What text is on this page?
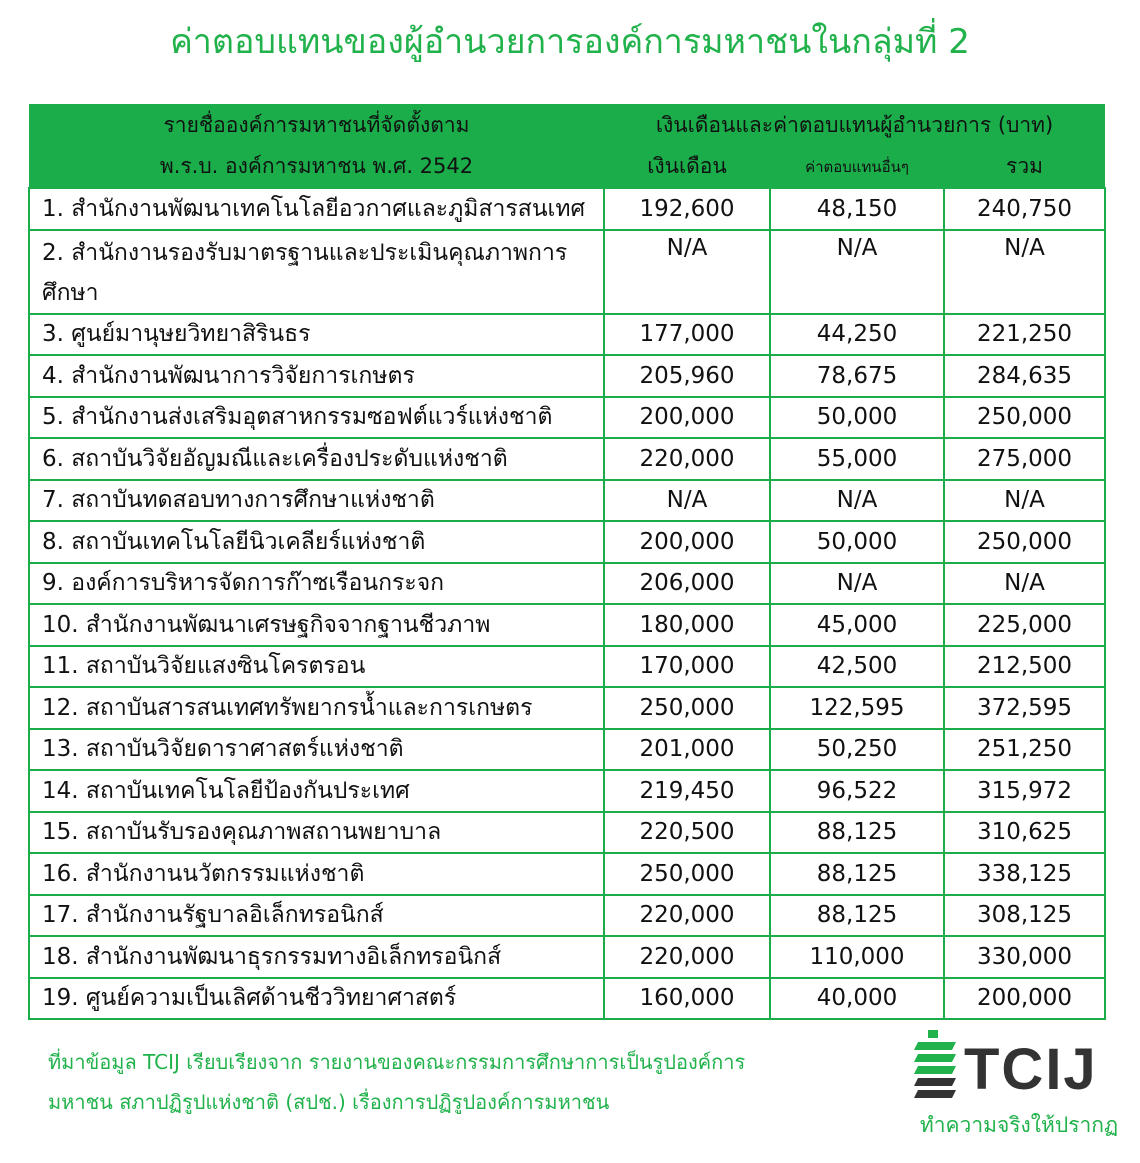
ค่าตอบแทนของผู้อำนวยการองค์การมหาชนในกลุ่มที่ 2
รายชื่อองค์การมหาชนที่จัดตั้งตาม	เงินเดือนและค่าตอบแทนผู้อำนวยการ (บาท)		
พ.ร.บ. องค์การมหาชน พ.ศ. 2542	เงินเดือน	ค่าตอบแทนอื่นๆ	รวม
1. สำนักงานพัฒนาเทคโนโลยีอวกาศและภูมิสารสนเทศ	192,600	48,150	240,750
2. สำนักงานรองรับมาตรฐานและประเมินคุณภาพการศึกษา	N/A	N/A	N/A
3. ศูนย์มานุษยวิทยาสิรินธร	177,000	44,250	221,250
4. สำนักงานพัฒนาการวิจัยการเกษตร	205,960	78,675	284,635
5. สำนักงานส่งเสริมอุตสาหกรรมซอฟต์แวร์แห่งชาติ	200,000	50,000	250,000
6. สถาบันวิจัยอัญมณีและเครื่องประดับแห่งชาติ	220,000	55,000	275,000
7. สถาบันทดสอบทางการศึกษาแห่งชาติ	N/A	N/A	N/A
8. สถาบันเทคโนโลยีนิวเคลียร์แห่งชาติ	200,000	50,000	250,000
9. องค์การบริหารจัดการก๊าซเรือนกระจก	206,000	N/A	N/A
10. สำนักงานพัฒนาเศรษฐกิจจากฐานชีวภาพ	180,000	45,000	225,000
11. สถาบันวิจัยแสงซินโครตรอน	170,000	42,500	212,500
12. สถาบันสารสนเทศทรัพยากรน้ำและการเกษตร	250,000	122,595	372,595
13. สถาบันวิจัยดาราศาสตร์แห่งชาติ	201,000	50,250	251,250
14. สถาบันเทคโนโลยีป้องกันประเทศ	219,450	96,522	315,972
15. สถาบันรับรองคุณภาพสถานพยาบาล	220,500	88,125	310,625
16. สำนักงานนวัตกรรมแห่งชาติ	250,000	88,125	338,125
17. สำนักงานรัฐบาลอิเล็กทรอนิกส์	220,000	88,125	308,125
18. สำนักงานพัฒนาธุรกรรมทางอิเล็กทรอนิกส์	220,000	110,000	330,000
19. ศูนย์ความเป็นเลิศด้านชีววิทยาศาสตร์	160,000	40,000	200,000
ที่มาข้อมูล TCIJ เรียบเรียงจาก รายงานของคณะกรรมการศึกษาการเป็นรูปองค์การ
มหาชน สภาปฏิรูปแห่งชาติ (สปช.) เรื่องการปฏิรูปองค์การมหาชน	TCIJ
ทำความจริงให้ปรากฏ
